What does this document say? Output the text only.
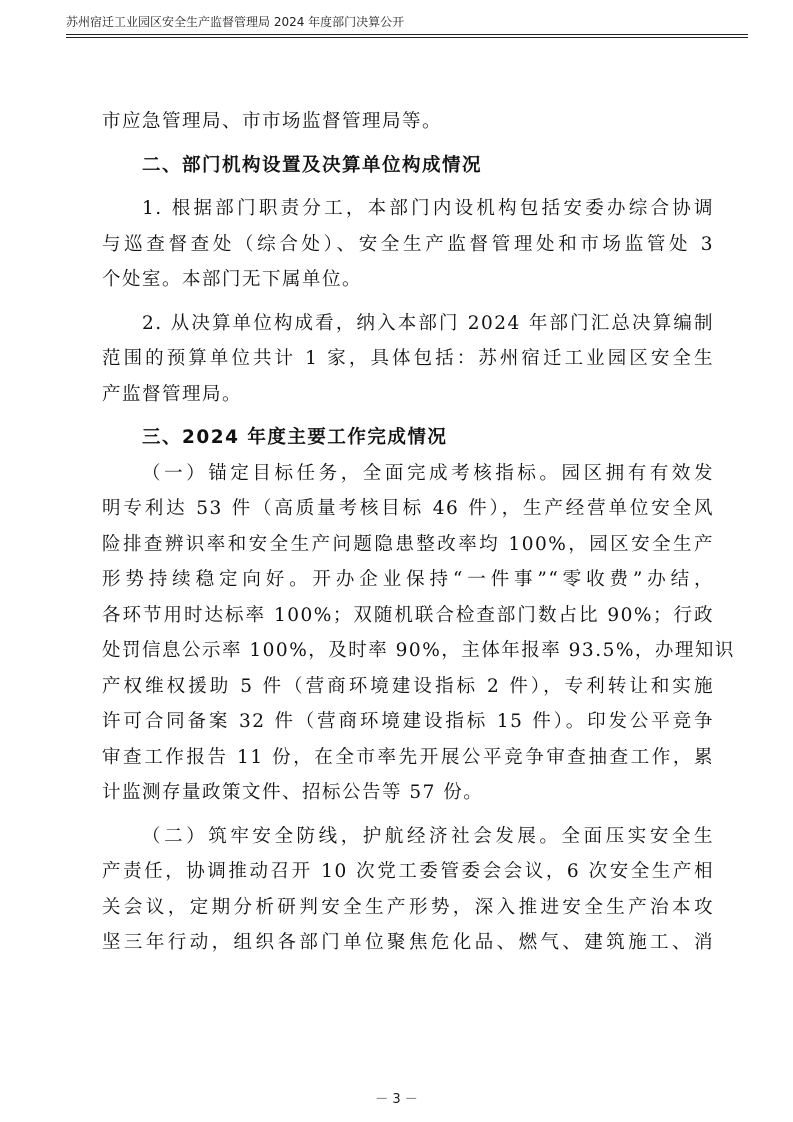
苏州宿迁工业园区安全生产监督管理局 2024 年度部门决算公开
市应急管理局、市市场监督管理局等。
二、部门机构设置及决算单位构成情况
1. 根据部门职责分工，本部门内设机构包括安委办综合协调
与巡查督查处（综合处）、安全生产监督管理处和市场监管处 3
个处室。本部门无下属单位。
2. 从决算单位构成看，纳入本部门 2024 年部门汇总决算编制
范围的预算单位共计 1 家，具体包括：苏州宿迁工业园区安全生
产监督管理局。
三、2024 年度主要工作完成情况
（一）锚定目标任务，全面完成考核指标。园区拥有有效发
明专利达 53 件（高质量考核目标 46 件），生产经营单位安全风
险排查辨识率和安全生产问题隐患整改率均 100%，园区安全生产
形势持续稳定向好。开办企业保持“一件事”“零收费”办结，
各环节用时达标率 100%；双随机联合检查部门数占比 90%；行政
处罚信息公示率 100%，及时率 90%，主体年报率 93.5%，办理知识
产权维权援助 5 件（营商环境建设指标 2 件），专利转让和实施
许可合同备案 32 件（营商环境建设指标 15 件）。印发公平竞争
审查工作报告 11 份，在全市率先开展公平竞争审查抽查工作，累
计监测存量政策文件、招标公告等 57 份。
（二）筑牢安全防线，护航经济社会发展。全面压实安全生
产责任，协调推动召开 10 次党工委管委会会议，6 次安全生产相
关会议，定期分析研判安全生产形势，深入推进安全生产治本攻
坚三年行动，组织各部门单位聚焦危化品、燃气、建筑施工、消
－ 3 －
